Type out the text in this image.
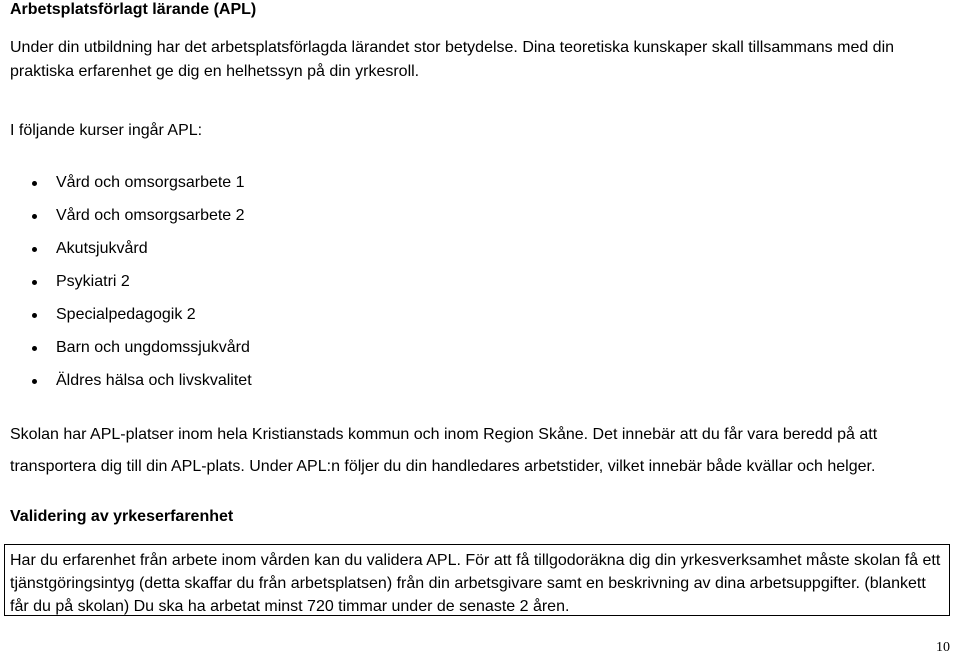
Arbetsplatsförlagt lärande (APL)

Under din utbildning har det arbetsplatsförlagda lärandet stor betydelse. Dina teoretiska kunskaper skall tillsammans med din praktiska erfarenhet ge dig en helhetssyn på din yrkesroll.

I följande kurser ingår APL:

Vård och omsorgsarbete 1
Vård och omsorgsarbete 2
Akutsjukvård
Psykiatri 2
Specialpedagogik 2
Barn och ungdomssjukvård
Äldres hälsa och livskvalitet

Skolan har APL-platser inom hela Kristianstads kommun och inom Region Skåne. Det innebär att du får vara beredd på att transportera dig till din APL-plats. Under APL:n följer du din handledares arbetstider, vilket innebär både kvällar och helger.

Validering av yrkeserfarenhet
Har du erfarenhet från arbete inom vården kan du validera APL. För att få tillgodoräkna dig din yrkesverksamhet måste skolan få ett tjänstgöringsintyg (detta skaffar du från arbetsplatsen) från din arbetsgivare samt en beskrivning av dina arbetsuppgifter. (blankett får du på skolan) Du ska ha arbetat minst 720 timmar under de senaste 2 åren.
10
